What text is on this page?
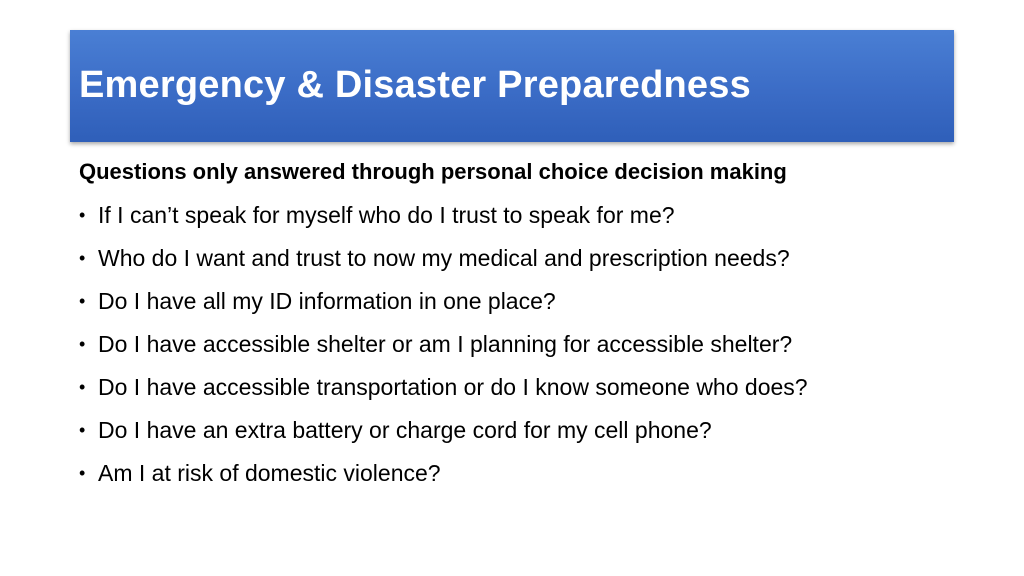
Emergency & Disaster Preparedness
Questions only answered through personal choice decision making
• If I can’t speak for myself who do I trust to speak for me?
• Who do I want and trust to now my medical and prescription needs?
• Do I have all my ID information in one place?
• Do I have accessible shelter or am I planning for accessible shelter?
• Do I have accessible transportation or do I know someone who does?
• Do I have an extra battery or charge cord for my cell phone?
• Am I at risk of domestic violence?
